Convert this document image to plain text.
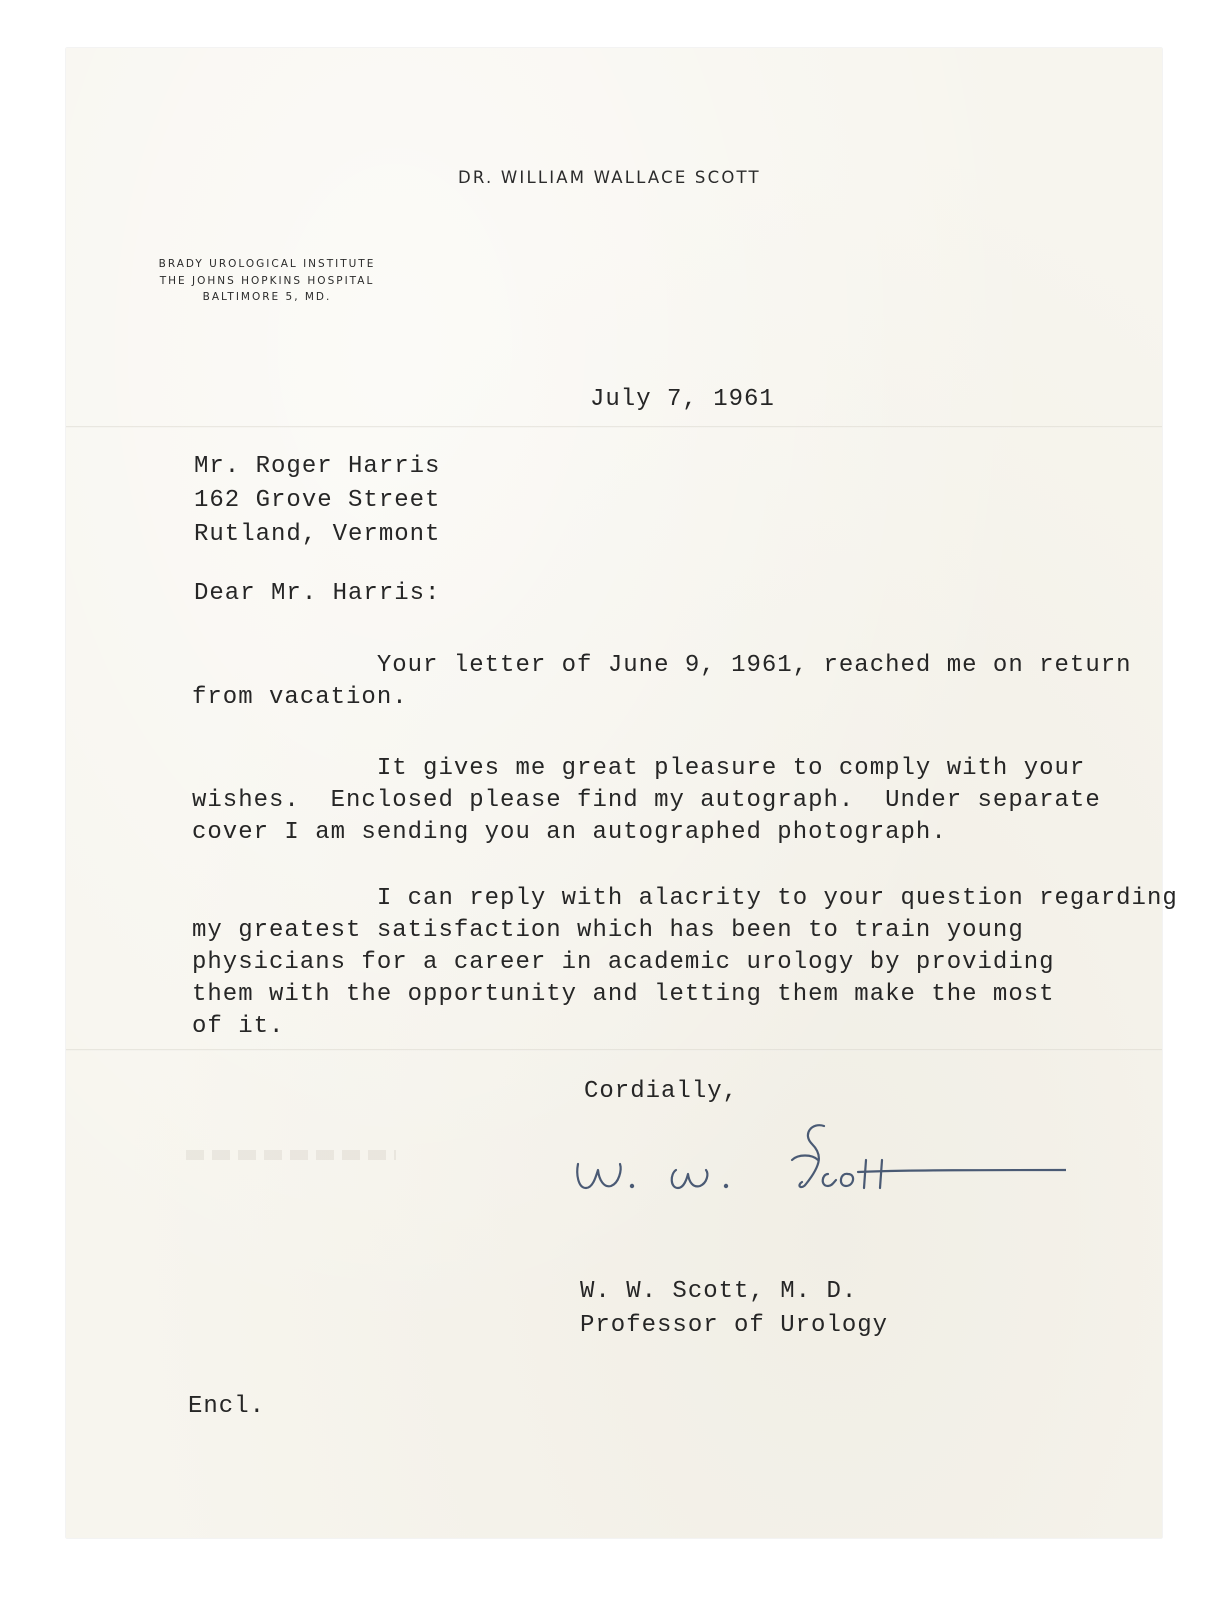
DR. WILLIAM WALLACE SCOTT
BRADY UROLOGICAL INSTITUTE
THE JOHNS HOPKINS HOSPITAL
BALTIMORE 5, MD.
July 7, 1961
Mr. Roger Harris
162 Grove Street
Rutland, Vermont
Dear Mr. Harris:
Your letter of June 9, 1961, reached me on return
from vacation.
It gives me great pleasure to comply with your
wishes.  Enclosed please find my autograph.  Under separate
cover I am sending you an autographed photograph.
I can reply with alacrity to your question regarding
my greatest satisfaction which has been to train young
physicians for a career in academic urology by providing
them with the opportunity and letting them make the most
of it.
Cordially,
W. W. Scott, M. D.
Professor of Urology
Encl.
